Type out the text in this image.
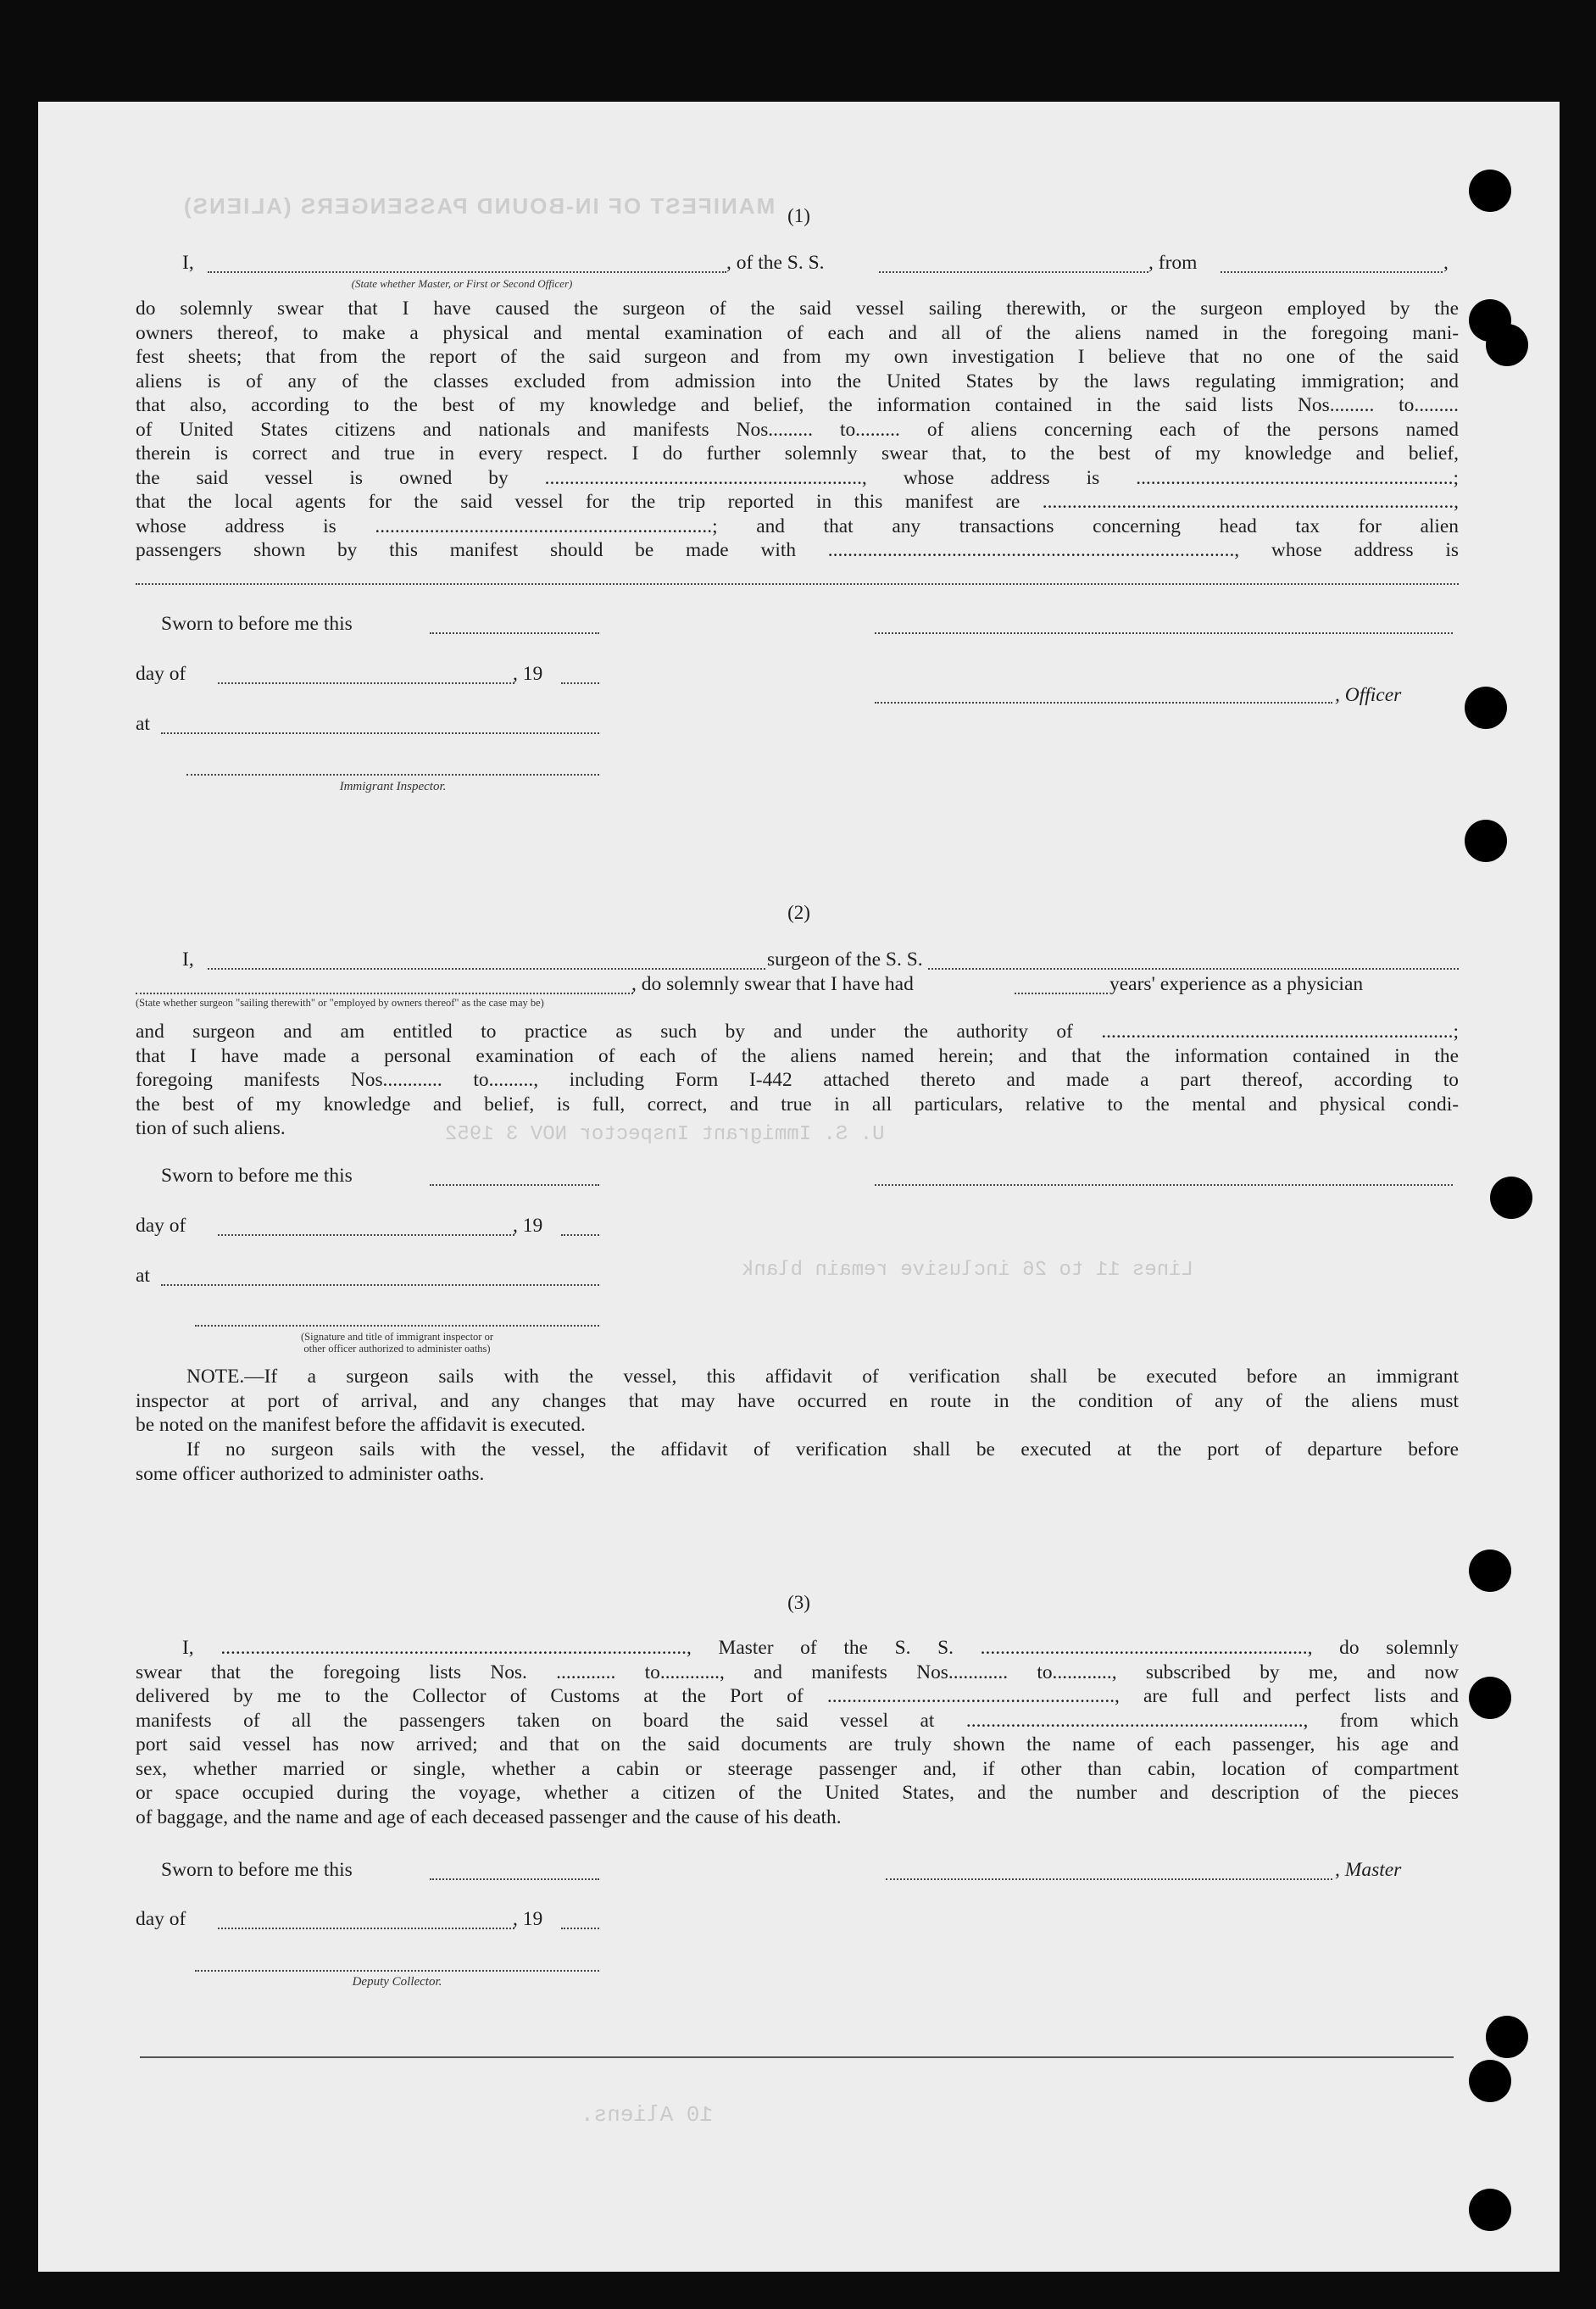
MANIFEST OF IN-BOUND PASSENGERS (ALIENS)
U. S. Immigrant Inspector NOV 3 1952
Lines 11 to 26 inclusive remain blank
10 Aliens.
(1)
I,	, of the S. S.	, from	,
(State whether Master, or First or Second Officer)
do solemnly swear that I have caused the surgeon of the said vessel sailing therewith, or the surgeon employed by the
owners thereof, to make a physical and mental examination of each and all of the aliens named in the foregoing mani-
fest sheets; that from the report of the said surgeon and from my own investigation I believe that no one of the said
aliens is of any of the classes excluded from admission into the United States by the laws regulating immigration; and
that also, according to the best of my knowledge and belief, the information contained in the said lists Nos......... to.........
of United States citizens and nationals and manifests Nos......... to......... of aliens concerning each of the persons named
therein is correct and true in every respect. I do further solemnly swear that, to the best of my knowledge and belief,
the said vessel is owned by ................................................................, whose address is ................................................................;
that the local agents for the said vessel for the trip reported in this manifest are ...................................................................................,
whose address is ....................................................................; and that any transactions concerning head tax for alien
passengers shown by this manifest should be made with .................................................................................., whose address is
Sworn to before me this
day of	, 19
, Officer
at
Immigrant Inspector.
(2)
I,	surgeon of the S. S.
, do solemnly swear that I have had	years' experience as a physician
(State whether surgeon "sailing therewith" or "employed by owners thereof" as the case may be)
and surgeon and am entitled to practice as such by and under the authority of .......................................................................;
that I have made a personal examination of each of the aliens named herein; and that the information contained in the
foregoing manifests Nos............ to........., including Form I-442 attached thereto and made a part thereof, according to
the best of my knowledge and belief, is full, correct, and true in all particulars, relative to the mental and physical condi-
tion of such aliens.
Sworn to before me this
day of	, 19
at
(Signature and title of immigrant inspector or
other officer authorized to administer oaths)
NOTE.—If a surgeon sails with the vessel, this affidavit of verification shall be executed before an immigrant
inspector at port of arrival, and any changes that may have occurred en route in the condition of any of the aliens must
be noted on the manifest before the affidavit is executed.
If no surgeon sails with the vessel, the affidavit of verification shall be executed at the port of departure before
some officer authorized to administer oaths.
(3)
I, .............................................................................................., Master of the S. S. .................................................................., do solemnly
swear that the foregoing lists Nos. ............ to............, and manifests Nos............ to............, subscribed by me, and now
delivered by me to the Collector of Customs at the Port of .........................................................., are full and perfect lists and
manifests of all the passengers taken on board the said vessel at ...................................................................., from which
port said vessel has now arrived; and that on the said documents are truly shown the name of each passenger, his age and
sex, whether married or single, whether a cabin or steerage passenger and, if other than cabin, location of compartment
or space occupied during the voyage, whether a citizen of the United States, and the number and description of the pieces
of baggage, and the name and age of each deceased passenger and the cause of his death.
Sworn to before me this	, Master
day of	, 19
Deputy Collector.
